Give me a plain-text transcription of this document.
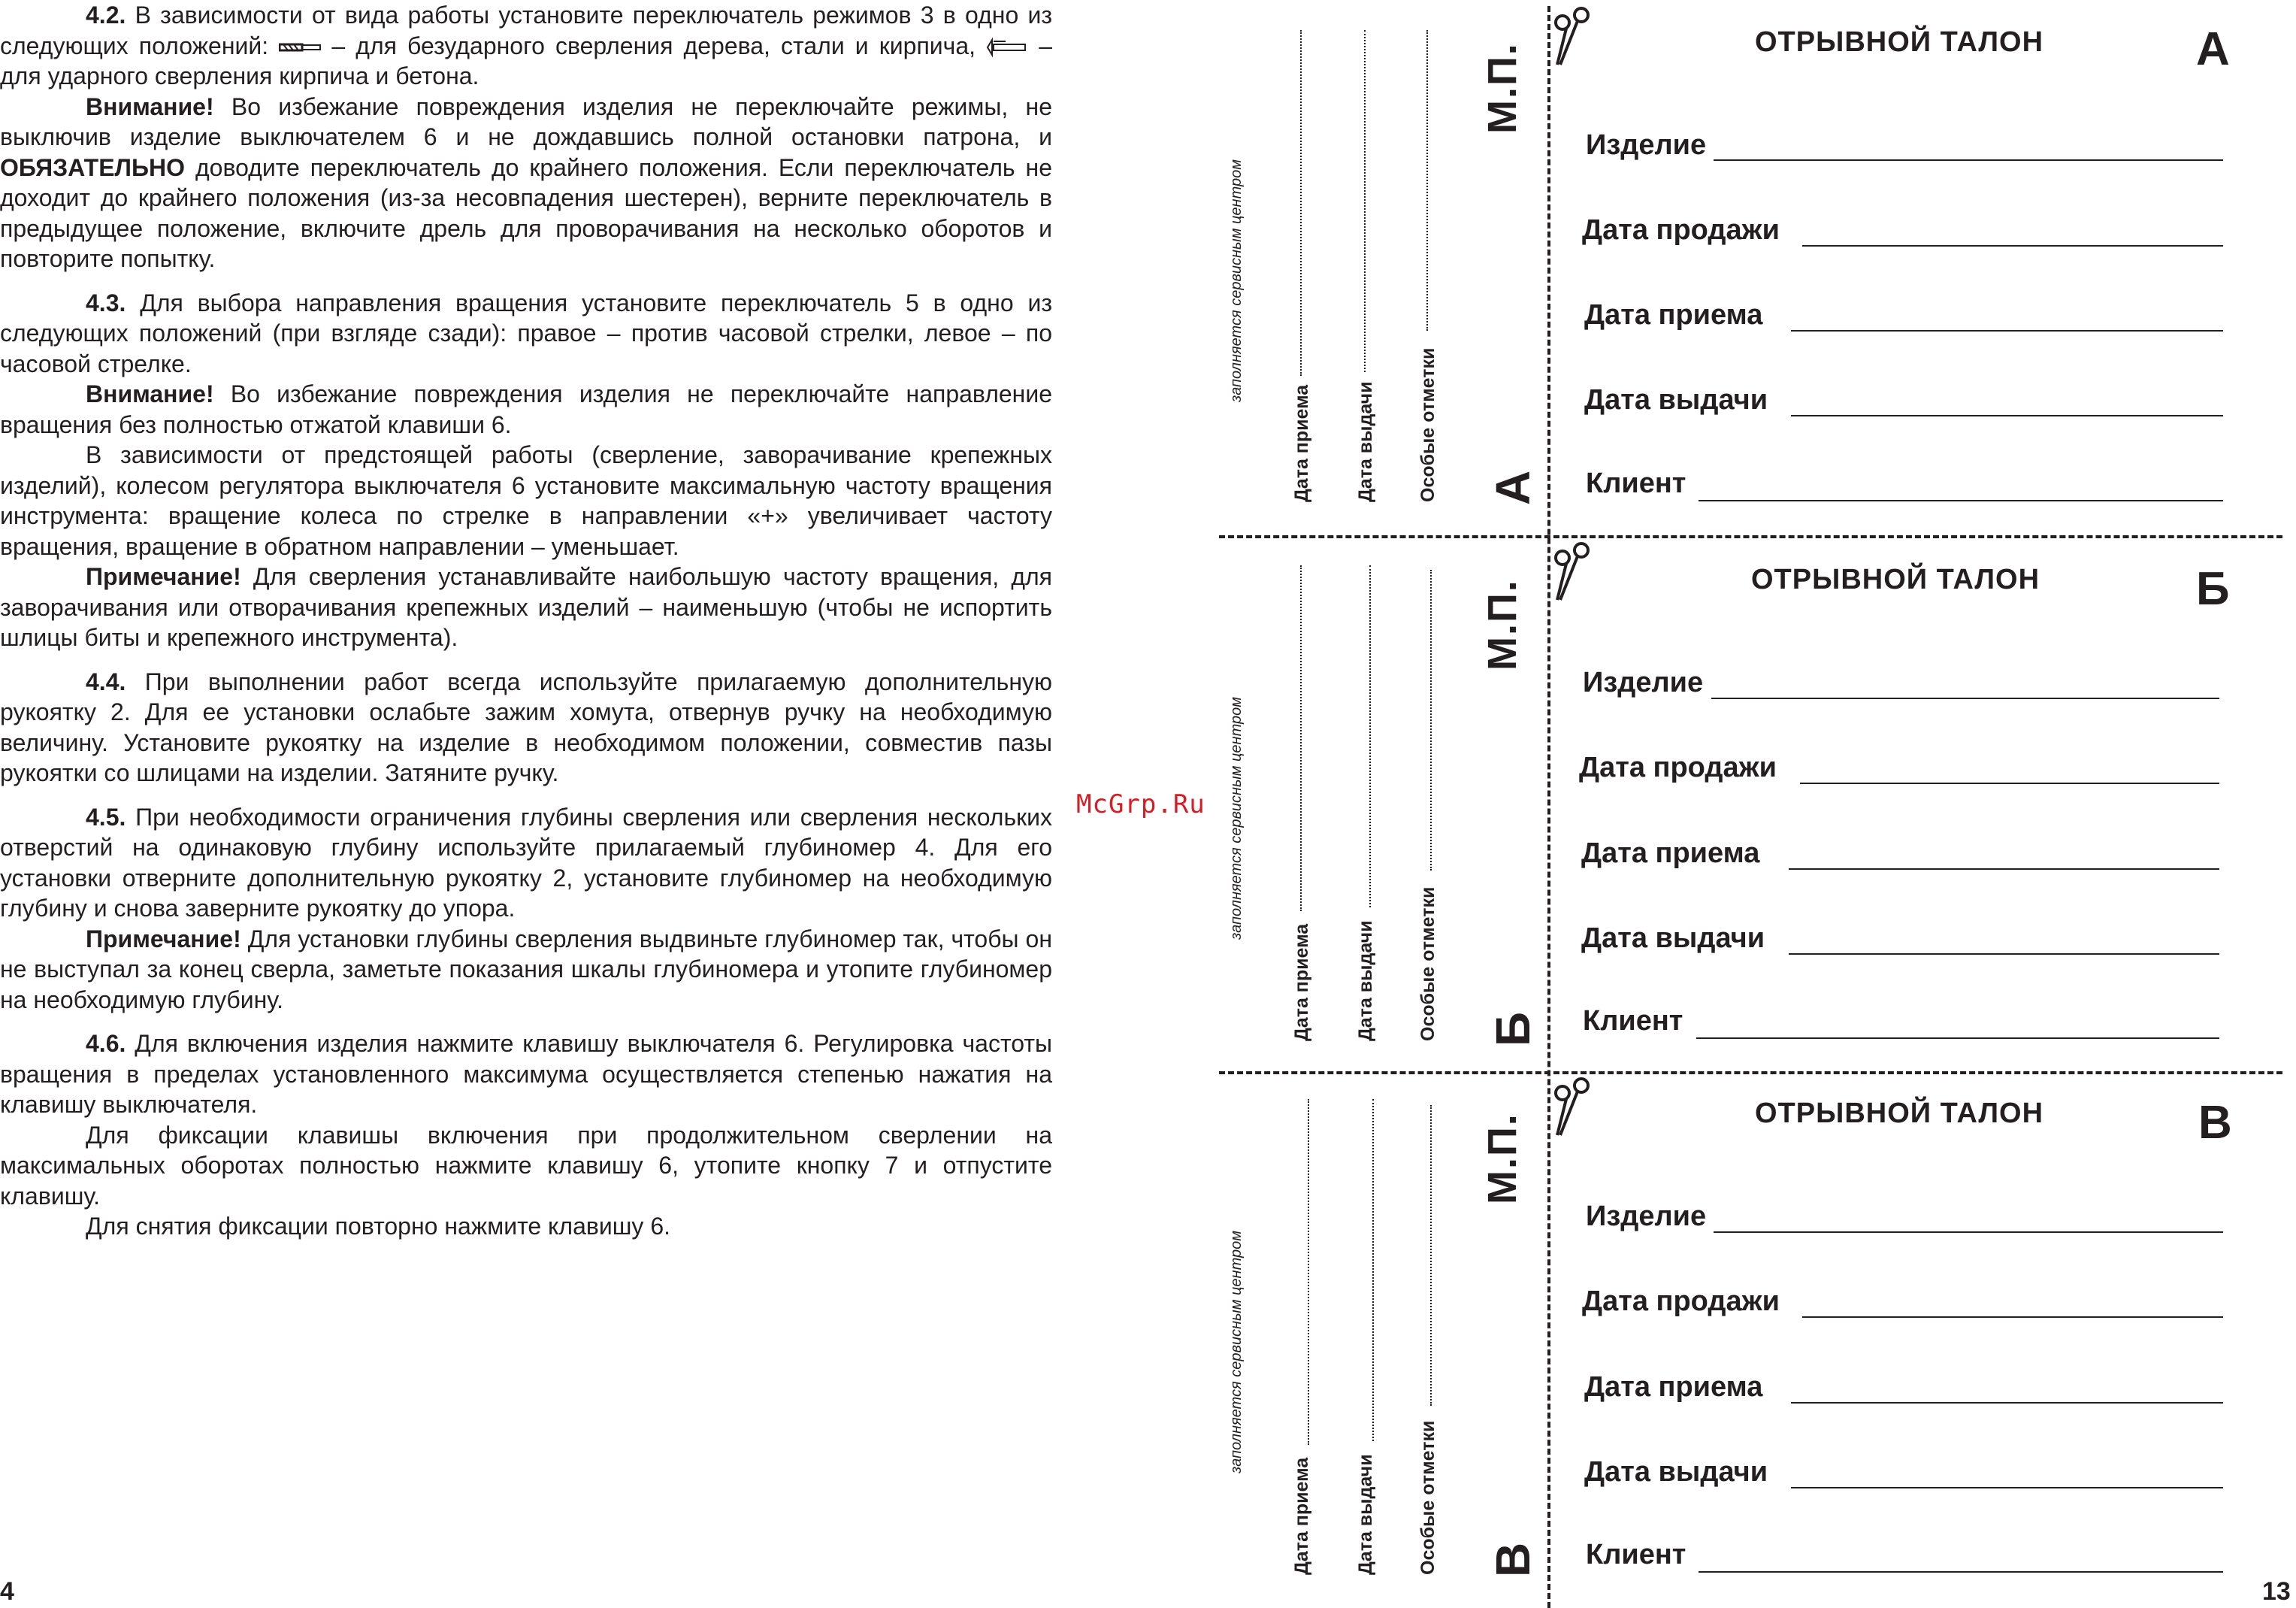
4.2. В зависимости от вида работы установите переключатель режимов 3 в одно из следующих положений:	– для безударного сверления дерева, стали и кирпича,	– для ударного сверления кирпича и бетона.

Внимание! Во избежание повреждения изделия не переключайте режимы, не выключив изделие выключателем 6 и не дождавшись полной остановки патрона, и ОБЯЗАТЕЛЬНО доводите переключатель до крайнего положения. Если переключатель не доходит до крайнего положения (из-за несовпадения шестерен), верните переключатель в предыдущее положение, включите дрель для проворачивания на несколько оборотов и повторите попытку.

4.3. Для выбора направления вращения установите переключатель 5 в одно из следующих положений (при взгляде сзади): правое – против часовой стрелки, левое – по часовой стрелке.

Внимание! Во избежание повреждения изделия не переключайте направление вращения без полностью отжатой клавиши 6.

В зависимости от предстоящей работы (сверление, заворачивание крепежных изделий), колесом регулятора выключателя 6 установите максимальную частоту вращения инструмента: вращение колеса по стрелке в направлении «+» увеличивает частоту вращения, вращение в обратном направлении – уменьшает.

Примечание! Для сверления устанавливайте наибольшую частоту вращения, для заворачивания или отворачивания крепежных изделий – наименьшую (чтобы не испортить шлицы биты и крепежного инструмента).

4.4. При выполнении работ всегда используйте прилагаемую дополнительную рукоятку 2. Для ее установки ослабьте зажим хомута, отвернув ручку на необходимую величину. Установите рукоятку на изделие в необходимом положении, совместив пазы рукоятки со шлицами на изделии. Затяните ручку.

4.5. При необходимости ограничения глубины сверления или сверления нескольких отверстий на одинаковую глубину используйте прилагаемый глубиномер 4. Для его установки отверните дополнительную рукоятку 2, установите глубиномер на необходимую глубину и снова заверните рукоятку до упора.

Примечание! Для установки глубины сверления выдвиньте глубиномер так, чтобы он не выступал за конец сверла, заметьте показания шкалы глубиномера и утопите глубиномер на необходимую глубину.

4.6. Для включения изделия нажмите клавишу выключателя 6. Регулировка частоты вращения в пределах установленного максимума осуществляется степенью нажатия на клавишу выключателя.

Для фиксации клавишы включения при продолжительном сверлении на максимальных оборотах полностью нажмите клавишу 6, утопите кнопку 7 и отпустите клавишу.

Для снятия фиксации повторно нажмите клавишу 6.

McGrp.Ru
4	13
заполняется сервисным центром
Дата приема Дата выдачи Особые отметки
М.П.
А
ОТРЫВНОЙ ТАЛОН	А
Изделие
Дата продажи
Дата приема
Дата выдачи
Клиент
заполняется сервисным центром
Дата приема Дата выдачи Особые отметки
М.П.
Б
ОТРЫВНОЙ ТАЛОН	Б
Изделие
Дата продажи
Дата приема
Дата выдачи
Клиент
заполняется сервисным центром
Дата приема Дата выдачи Особые отметки
М.П.
В
ОТРЫВНОЙ ТАЛОН	В
Изделие
Дата продажи
Дата приема
Дата выдачи
Клиент
